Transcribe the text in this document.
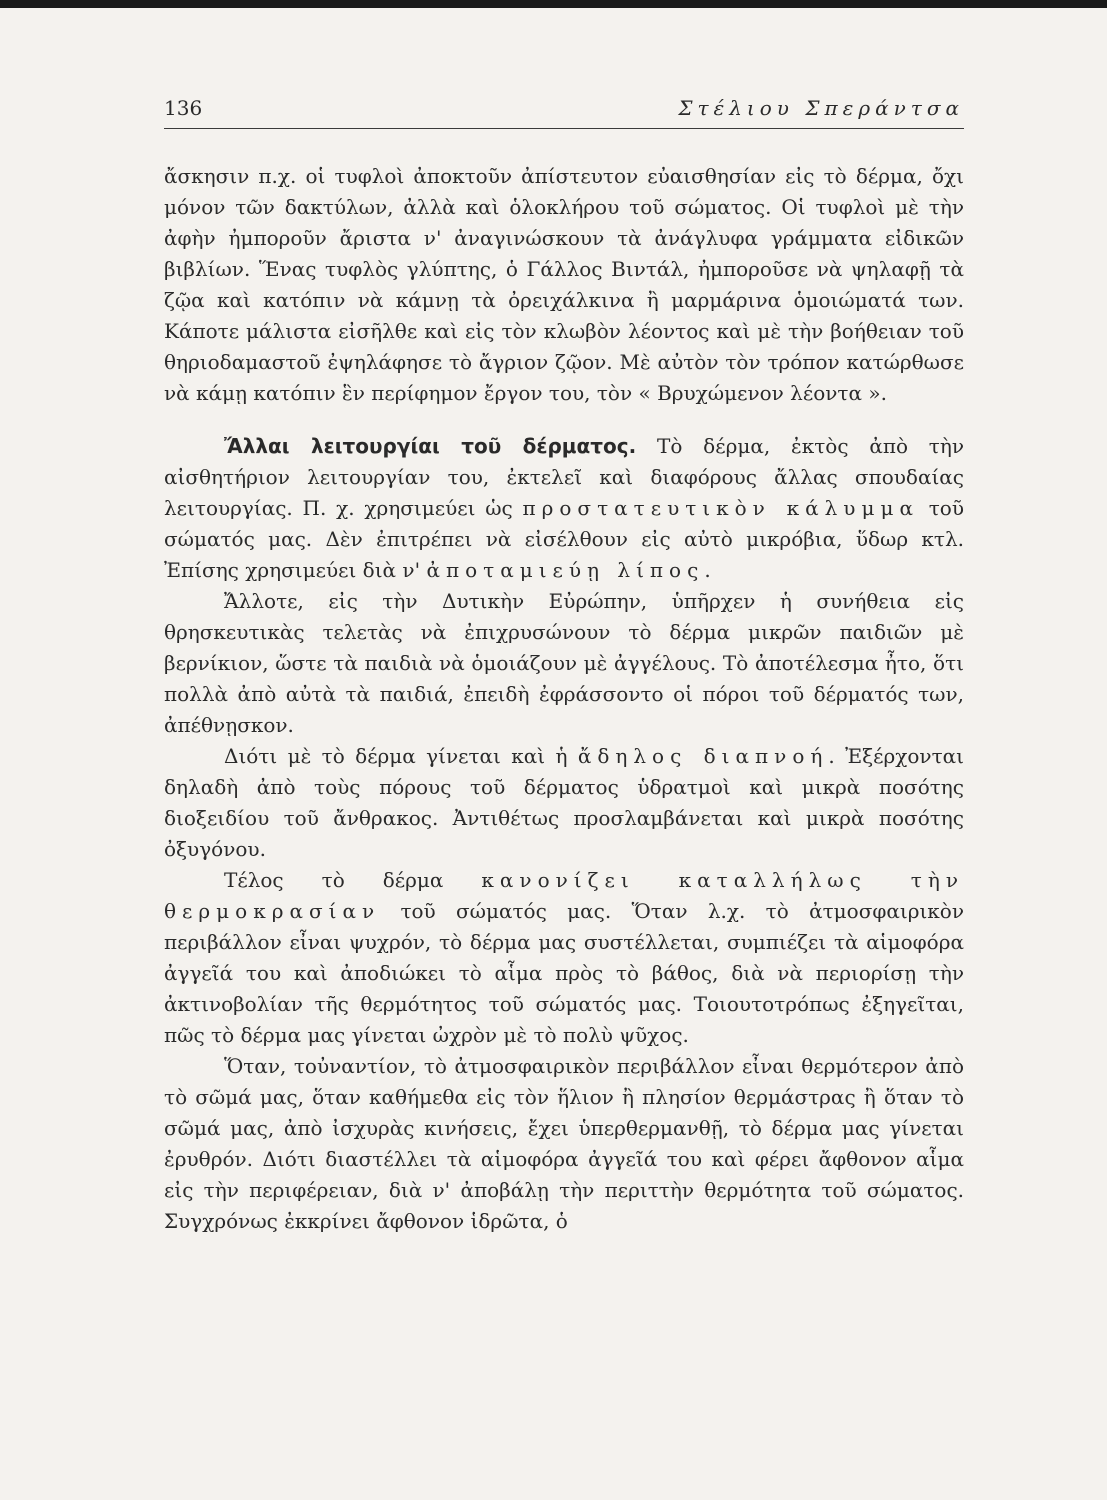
136	Στέλιου Σπεράντσα

ἄσκησιν π.χ. οἱ τυφλοὶ ἀποκτοῦν ἀπίστευτον εὐαισθησίαν εἰς τὸ δέρμα, ὄχι μόνον τῶν δακτύλων, ἀλλὰ καὶ ὁλοκλήρου τοῦ σώματος. Οἱ τυφλοὶ μὲ τὴν ἀφὴν ἠμποροῦν ἄριστα ν' ἀναγινώσκουν τὰ ἀνάγλυφα γράμματα εἰδικῶν βιβλίων. Ἕνας τυφλὸς γλύπτης, ὁ Γάλλος Βιντάλ, ἠμποροῦσε νὰ ψηλαφῇ τὰ ζῷα καὶ κατόπιν νὰ κάμνῃ τὰ ὀρειχάλκινα ἢ μαρμάρινα ὁμοιώματά των. Κάποτε μάλιστα εἰσῆλθε καὶ εἰς τὸν κλωβὸν λέοντος καὶ μὲ τὴν βοήθειαν τοῦ θηριοδαμαστοῦ ἐψηλάφησε τὸ ἄγριον ζῷον. Μὲ αὐτὸν τὸν τρόπον κατώρθωσε νὰ κάμῃ κατόπιν ἓν περίφημον ἔργον του, τὸν « Βρυχώμενον λέοντα ».

Ἄλλαι λειτουργίαι τοῦ δέρματος. Τὸ δέρμα, ἐκτὸς ἀπὸ τὴν αἰσθητήριον λειτουργίαν του, ἐκτελεῖ καὶ διαφόρους ἄλλας σπουδαίας λειτουργίας. Π. χ. χρησιμεύει ὡς προστατευτικὸν κάλυμμα τοῦ σώματός μας. Δὲν ἐπιτρέπει νὰ εἰσέλθουν εἰς αὐτὸ μικρόβια, ὕδωρ κτλ. Ἐπίσης χρησιμεύει διὰ ν' ἀποταμιεύῃ λίπος.

Ἄλλοτε, εἰς τὴν Δυτικὴν Εὐρώπην, ὑπῆρχεν ἡ συνήθεια εἰς θρησκευτικὰς τελετὰς νὰ ἐπιχρυσώνουν τὸ δέρμα μικρῶν παιδιῶν μὲ βερνίκιον, ὥστε τὰ παιδιὰ νὰ ὁμοιάζουν μὲ ἀγγέλους. Τὸ ἀποτέλεσμα ἦτο, ὅτι πολλὰ ἀπὸ αὐτὰ τὰ παιδιά, ἐπειδὴ ἐφράσσοντο οἱ πόροι τοῦ δέρματός των, ἀπέθνῃσκον.

Διότι μὲ τὸ δέρμα γίνεται καὶ ἡ ἄδηλος διαπνοή. Ἐξέρχονται δηλαδὴ ἀπὸ τοὺς πόρους τοῦ δέρματος ὑδρατμοὶ καὶ μικρὰ ποσότης διοξειδίου τοῦ ἄνθρακος. Ἀντιθέτως προσλαμβάνεται καὶ μικρὰ ποσότης ὀξυγόνου.

Τέλος τὸ δέρμα κανονίζει καταλλήλως τὴν θερμοκρασίαν τοῦ σώματός μας. Ὅταν λ.χ. τὸ ἀτμοσφαιρικὸν περιβάλλον εἶναι ψυχρόν, τὸ δέρμα μας συστέλλεται, συμπιέζει τὰ αἱμοφόρα ἀγγεῖά του καὶ ἀποδιώκει τὸ αἷμα πρὸς τὸ βάθος, διὰ νὰ περιορίσῃ τὴν ἀκτινοβολίαν τῆς θερμότητος τοῦ σώματός μας. Τοιουτοτρόπως ἐξηγεῖται, πῶς τὸ δέρμα μας γίνεται ὠχρὸν μὲ τὸ πολὺ ψῦχος.

Ὅταν, τοὐναντίον, τὸ ἀτμοσφαιρικὸν περιβάλλον εἶναι θερμότερον ἀπὸ τὸ σῶμά μας, ὅταν καθήμεθα εἰς τὸν ἥλιον ἢ πλησίον θερμάστρας ἢ ὅταν τὸ σῶμά μας, ἀπὸ ἰσχυρὰς κινήσεις, ἔχει ὑπερθερμανθῇ, τὸ δέρμα μας γίνεται ἐρυθρόν. Διότι διαστέλλει τὰ αἱμοφόρα ἀγγεῖά του καὶ φέρει ἄφθονον αἷμα εἰς τὴν περιφέρειαν, διὰ ν' ἀποβάλῃ τὴν περιττὴν θερμότητα τοῦ σώματος. Συγχρόνως ἐκκρίνει ἄφθονον ἱδρῶτα, ὁ
